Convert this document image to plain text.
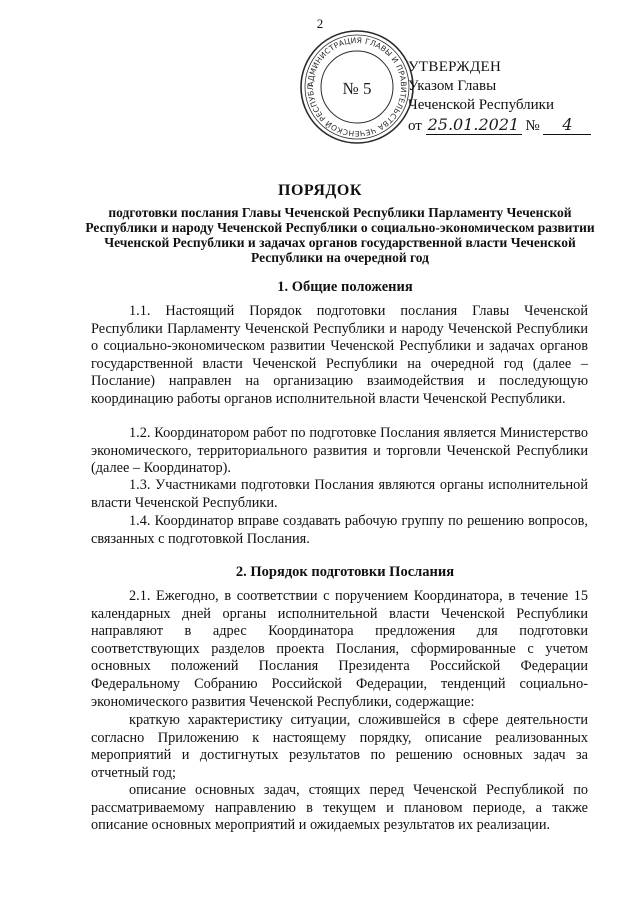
2
АДМИНИСТРАЦИЯ ГЛАВЫ И ПРАВИТЕЛЬСТВА ЧЕЧЕНСКОЙ РЕСПУБЛ	№ 5
УТВЕРЖДЕН
Указом Главы
Чеченской Республики
от 25.01.2021 № 4
ПОРЯДОК
подготовки послания Главы Чеченской Республики Парламенту Чеченской Республики и народу Чеченской Республики о социально-экономическом развитии Чеченской Республики и задачах органов государственной власти Чеченской Республики на очередной год
1. Общие положения

1.1. Настоящий Порядок подготовки послания Главы Чеченской Республики Парламенту Чеченской Республики и народу Чеченской Республики о социально-экономическом развитии Чеченской Республики и задачах органов государственной власти Чеченской Республики на очередной год (далее – Послание) направлен на организацию взаимодействия и последующую координацию работы органов исполнительной власти Чеченской Республики.

1.2. Координатором работ по подготовке Послания является Министерство экономического, территориального развития и торговли Чеченской Республики (далее – Координатор).

1.3. Участниками подготовки Послания являются органы исполнительной власти Чеченской Республики.

1.4. Координатор вправе создавать рабочую группу по решению вопросов, связанных с подготовкой Послания.

2. Порядок подготовки Послания

2.1. Ежегодно, в соответствии с поручением Координатора, в течение 15 календарных дней органы исполнительной власти Чеченской Республики направляют в адрес Координатора предложения для подготовки соответствующих разделов проекта Послания, сформированные с учетом основных положений Послания Президента Российской Федерации Федеральному Собранию Российской Федерации, тенденций социально-экономического развития Чеченской Республики, содержащие:

краткую характеристику ситуации, сложившейся в сфере деятельности согласно Приложению к настоящему порядку, описание реализованных мероприятий и достигнутых результатов по решению основных задач за отчетный год;

описание основных задач, стоящих перед Чеченской Республикой по рассматриваемому направлению в текущем и плановом периоде, а также описание основных мероприятий и ожидаемых результатов их реализации.
